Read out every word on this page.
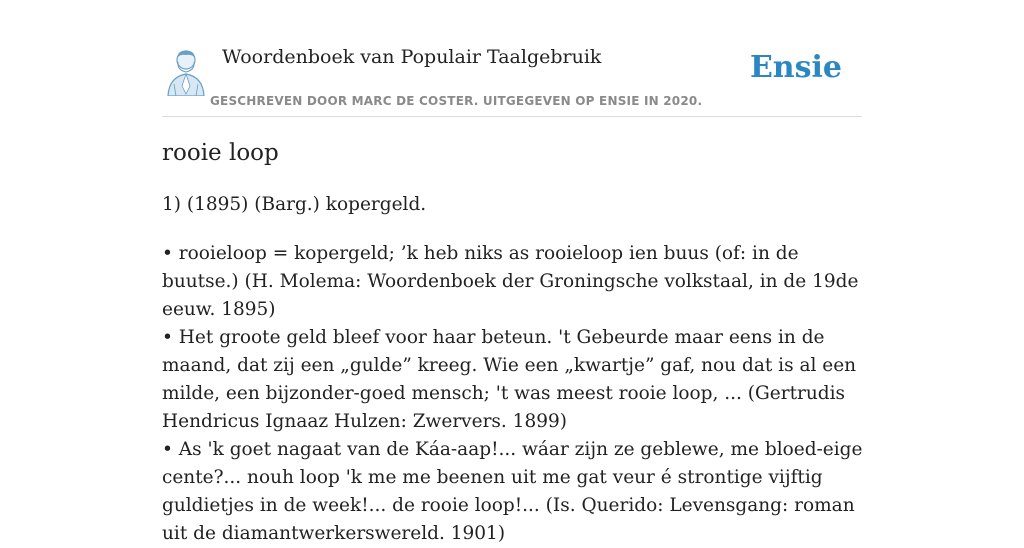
Woordenboek van Populair Taalgebruik
GESCHREVEN DOOR MARC DE COSTER. UITGEGEVEN OP ENSIE IN 2020.
Ensie
rooie loop

1) (1895) (Barg.) kopergeld.

• rooieloop = kopergeld; ’k heb niks as rooieloop ien buus (of: in de buutse.) (H. Molema: Woordenboek der Groningsche volkstaal, in de 19de eeuw. 1895)

• Het groote geld bleef voor haar beteun. 't Gebeurde maar eens in de maand, dat zij een „gulde” kreeg. Wie een „kwartje” gaf, nou dat is al een milde, een bijzonder-goed mensch; 't was meest rooie loop, ... (Gertrudis Hendricus Ignaaz Hulzen: Zwervers. 1899)

• As 'k goet nagaat van de Káa-aap!... wáar zijn ze geblewe, me bloed-eige cente?... nouh loop 'k me me beenen uit me gat veur é strontige vijftig guldietjes in de week!... de rooie loop!... (Is. Querido: Levensgang: roman uit de diamantwerkerswereld. 1901)
